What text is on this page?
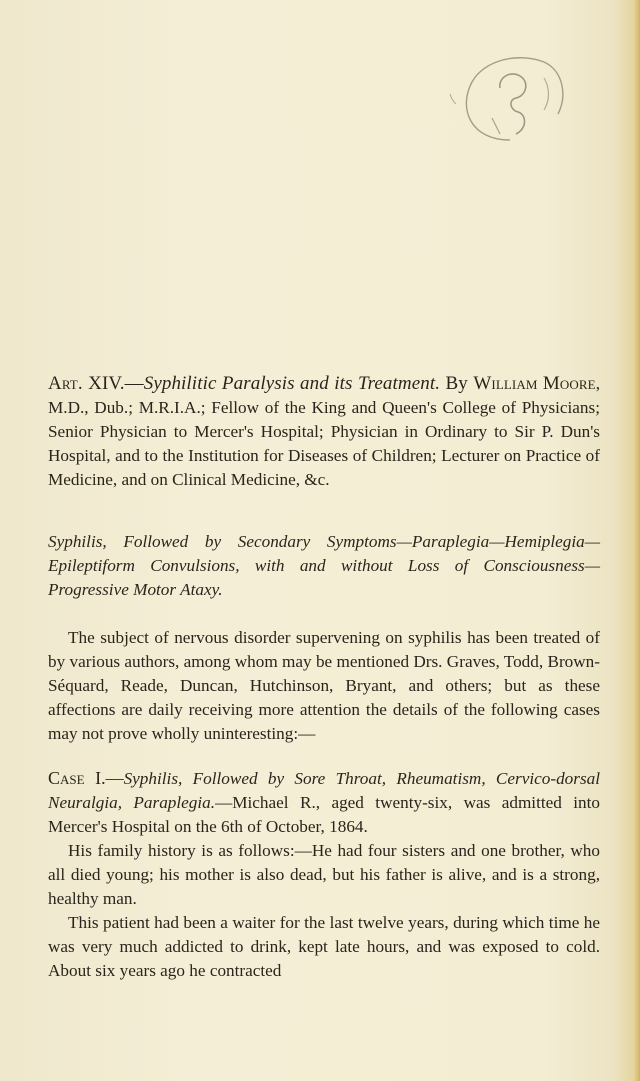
Art. XIV.—Syphilitic Paralysis and its Treatment. By William Moore, M.D., Dub.; M.R.I.A.; Fellow of the King and Queen's College of Physicians; Senior Physician to Mercer's Hospital; Physician in Ordinary to Sir P. Dun's Hospital, and to the Institution for Diseases of Children; Lecturer on Practice of Medicine, and on Clinical Medicine, &c.
Syphilis, Followed by Secondary Symptoms—Paraplegia—Hemiplegia—Epileptiform Convulsions, with and without Loss of Consciousness—Progressive Motor Ataxy.
The subject of nervous disorder supervening on syphilis has been treated of by various authors, among whom may be mentioned Drs. Graves, Todd, Brown-Séquard, Reade, Duncan, Hutchinson, Bryant, and others; but as these affections are daily receiving more attention the details of the following cases may not prove wholly uninteresting:—

Case I.—Syphilis, Followed by Sore Throat, Rheumatism, Cervico-dorsal Neuralgia, Paraplegia.—Michael R., aged twenty-six, was admitted into Mercer's Hospital on the 6th of October, 1864.

His family history is as follows:—He had four sisters and one brother, who all died young; his mother is also dead, but his father is alive, and is a strong, healthy man.

This patient had been a waiter for the last twelve years, during which time he was very much addicted to drink, kept late hours, and was exposed to cold. About six years ago he contracted
